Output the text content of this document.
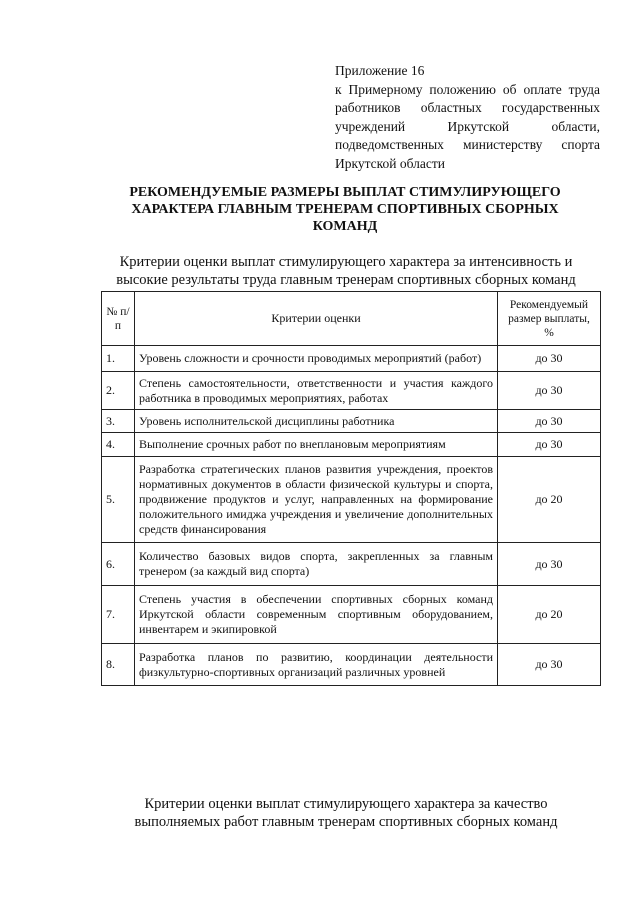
Приложение 16
к Примерному положению об оплате труда
работников областных государственных
учреждений Иркутской области,
подведомственных министерству спорта
Иркутской области
РЕКОМЕНДУЕМЫЕ РАЗМЕРЫ ВЫПЛАТ СТИМУЛИРУЮЩЕГО
ХАРАКТЕРА ГЛАВНЫМ ТРЕНЕРАМ СПОРТИВНЫХ СБОРНЫХ
КОМАНД
Критерии оценки выплат стимулирующего характера за интенсивность и
высокие результаты труда главным тренерам спортивных сборных команд
№ п/п	Критерии оценки	Рекомендуемый размер выплаты, %
1.	Уровень сложности и срочности проводимых мероприятий (работ)	до 30
2.	Степень самостоятельности, ответственности и участия каждого работника в проводимых мероприятиях, работах	до 30
3.	Уровень исполнительской дисциплины работника	до 30
4.	Выполнение срочных работ по внеплановым мероприятиям	до 30
5.	Разработка стратегических планов развития учреждения, проектов нормативных документов в области физической культуры и спорта, продвижение продуктов и услуг, направленных на формирование положительного имиджа учреждения и увеличение дополнительных средств финансирования	до 20
6.	Количество базовых видов спорта, закрепленных за главным тренером (за каждый вид спорта)	до 30
7.	Степень участия в обеспечении спортивных сборных команд Иркутской области современным спортивным оборудованием, инвентарем и экипировкой	до 20
8.	Разработка планов по развитию, координации деятельности физкультурно-спортивных организаций различных уровней	до 30
Критерии оценки выплат стимулирующего характера за качество
выполняемых работ главным тренерам спортивных сборных команд
